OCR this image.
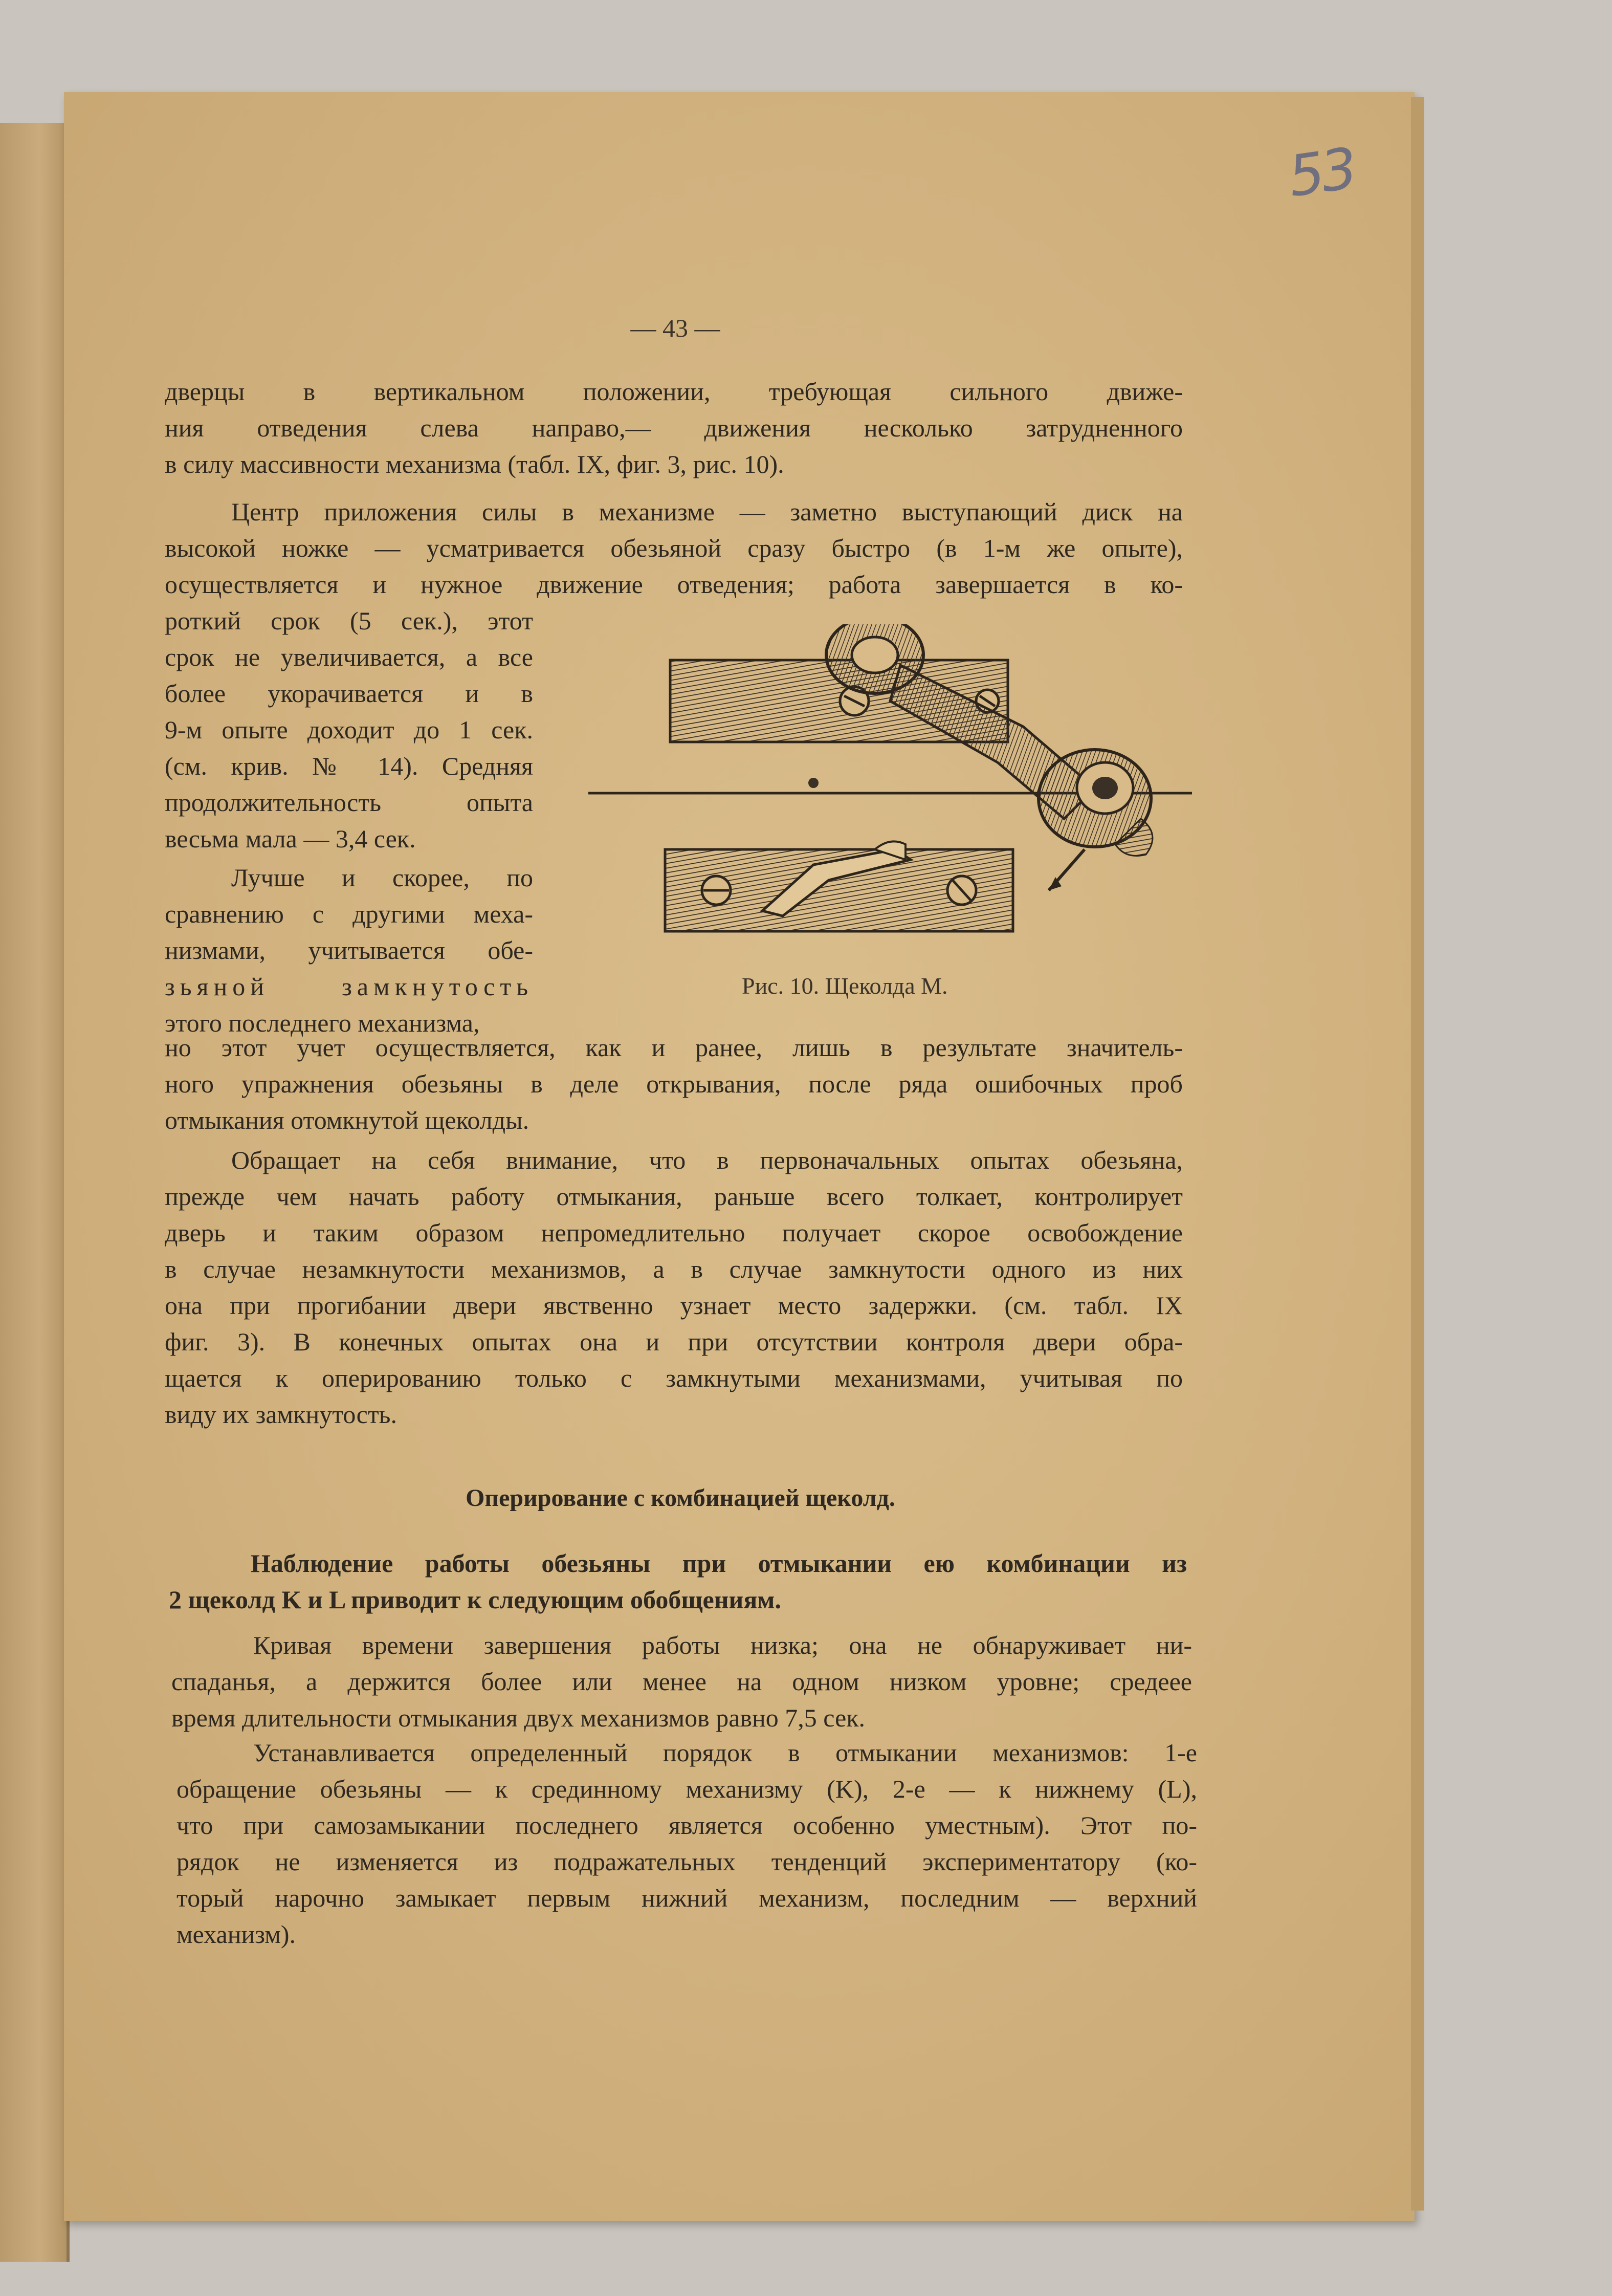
53
— 43 —
дверцы в вертикальном положении, требующая сильного движе-
ния отведения слева направо,— движения несколько затрудненного
в силу массивности механизма (табл. IX, фиг. 3, рис. 10).
Центр приложения силы в механизме — заметно выступающий диск на
высокой ножке — усматривается обезьяной сразу быстро (в 1-м же опыте),
осуществляется и нужное движение отведения; работа завершается в ко-
роткий срок (5 сек.), этот
срок не увеличивается, а все
более укорачивается и в
9-м опыте доходит до 1 сек.
(см. крив. № 14). Средняя
продолжительность опыта
весьма мала — 3,4 сек.
Лучше и скорее, по
сравнению с другими меха-
низмами, учитывается обе-
зьяной замкнутость
этого последнего механизма,
Рис. 10. Щеколда М.
но этот учет осуществляется, как и ранее, лишь в результате значитель-
ного упражнения обезьяны в деле открывания, после ряда ошибочных проб
отмыкания отомкнутой щеколды.
Обращает на себя внимание, что в первоначальных опытах обезьяна,
прежде чем начать работу отмыкания, раньше всего толкает, контролирует
дверь и таким образом непромедлительно получает скорое освобождение
в случае незамкнутости механизмов, а в случае замкнутости одного из них
она при прогибании двери явственно узнает место задержки. (см. табл. IX
фиг. 3). В конечных опытах она и при отсутствии контроля двери обра-
щается к оперированию только с замкнутыми механизмами, учитывая по
виду их замкнутость.
Оперирование с комбинацией щеколд.
Наблюдение работы обезьяны при отмыкании ею комбинации из
2 щеколд K и L приводит к следующим обобщениям.
Кривая времени завершения работы низка; она не обнаруживает ни-
спаданья, а держится более или менее на одном низком уровне; средеее
время длительности отмыкания двух механизмов равно 7,5 сек.
Устанавливается определенный порядок в отмыкании механизмов: 1-е
обращение обезьяны — к срединному механизму (K), 2-е — к нижнему (L),
что при самозамыкании последнего является особенно уместным). Этот по-
рядок не изменяется из подражательных тенденций экспериментатору (ко-
торый нарочно замыкает первым нижний механизм, последним — верхний
механизм).
